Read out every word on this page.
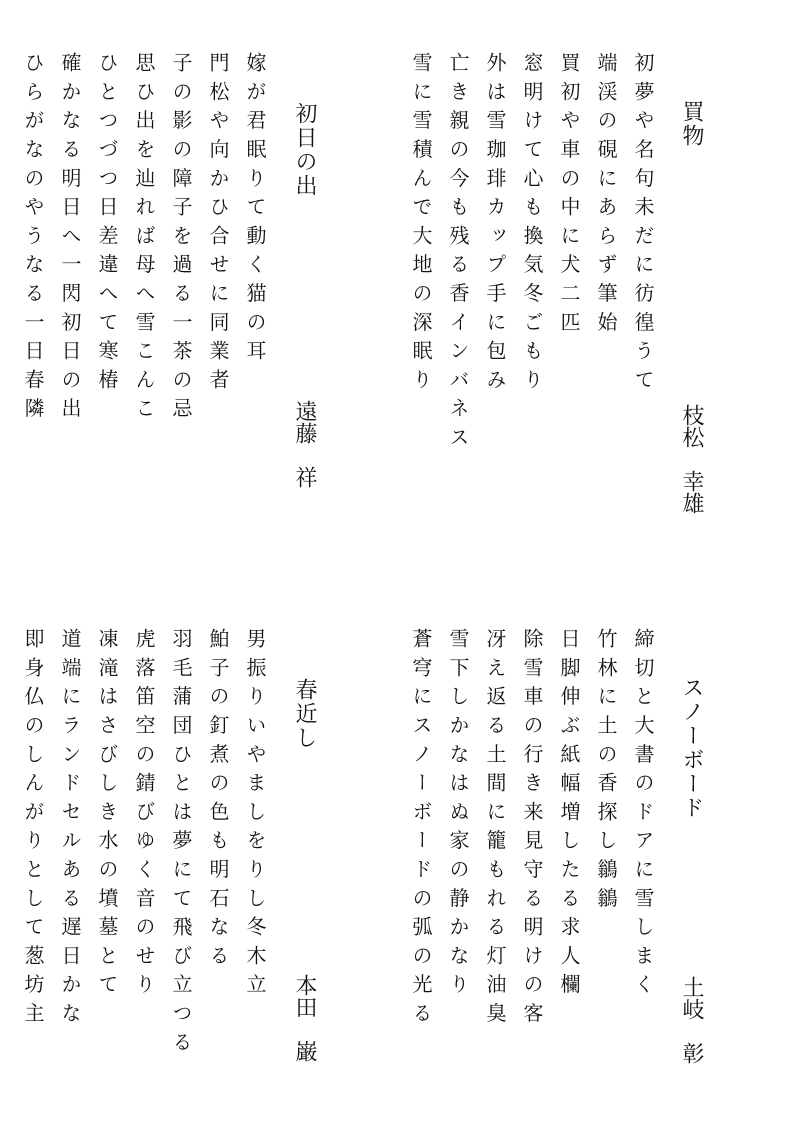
買物
枝松　幸雄
初夢や名句未だに彷徨うて
端渓の硯にあらず筆始
買初や車の中に犬二匹
窓明けて心も換気冬ごもり
外は雪珈琲カップ手に包み
亡き親の今も残る香インバネス
雪に雪積んで大地の深眠り
初日の出
遠藤　祥
嫁が君眠りて動く猫の耳
門松や向かひ合せに同業者
子の影の障子を過る一茶の忌
思ひ出を辿れば母へ雪こんこ
ひとつづつ日差違へて寒椿
確かなる明日へ一閃初日の出
ひらがなのやうなる一日春隣
スノーボード
土岐　彰
締切と大書のドアに雪しまく
竹林に土の香探し鶲鶲
日脚伸ぶ紙幅増したる求人欄
除雪車の行き来見守る明けの客
冴え返る土間に籠もれる灯油臭
雪下しかなはぬ家の静かなり
蒼穹にスノーボードの弧の光る
春近し
本田　巌
男振りいやましをりし冬木立
鮊子の釘煮の色も明石なる
羽毛蒲団ひとは夢にて飛び立つる
虎落笛空の錆びゆく音のせり
凍滝はさびしき水の墳墓とて
道端にランドセルある遅日かな
即身仏のしんがりとして葱坊主
